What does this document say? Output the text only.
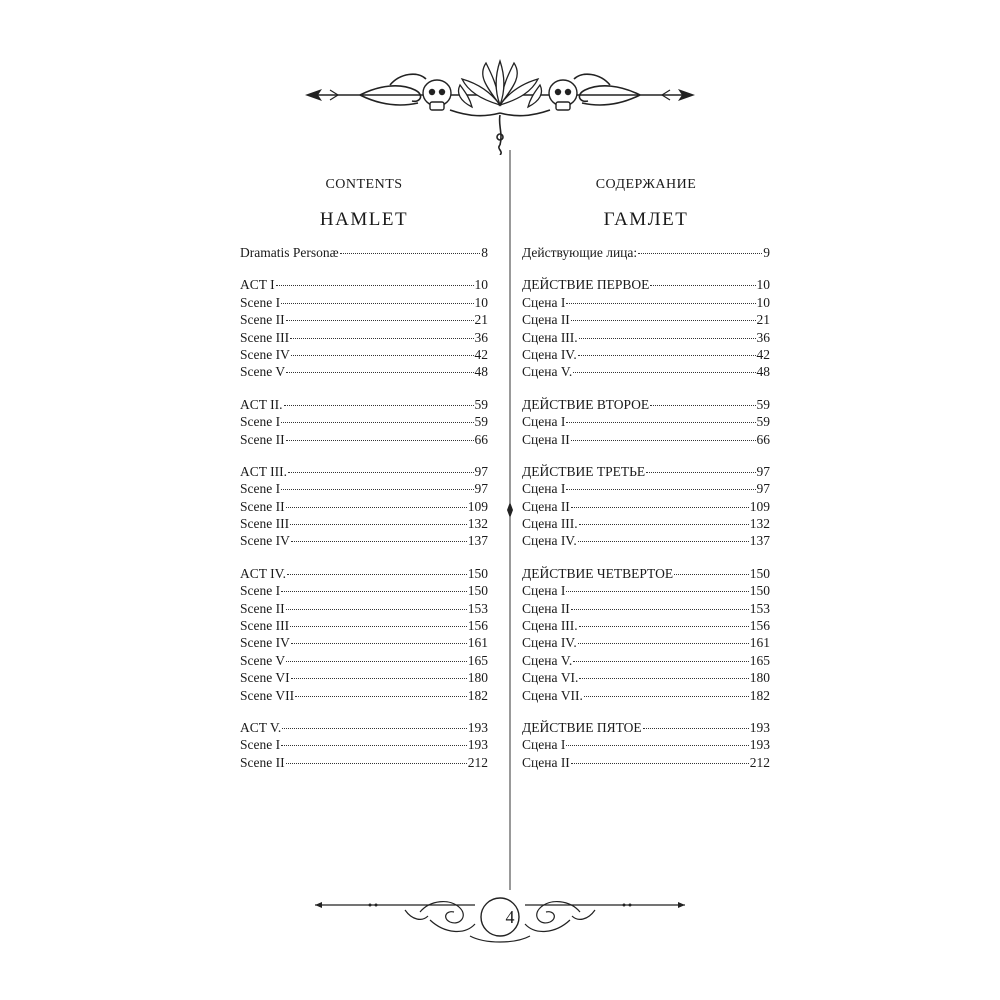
contents
hamlet
Dramatis Personæ	8
ACT I	10
Scene I	10
Scene II	21
Scene III	36
Scene IV	42
Scene V	48
ACT II.	59
Scene I	59
Scene II	66
ACT III.	97
Scene I	97
Scene II	109
Scene III	132
Scene IV	137
ACT IV.	150
Scene I	150
Scene II	153
Scene III	156
Scene IV	161
Scene V	165
Scene VI	180
Scene VII	182
ACT V.	193
Scene I	193
Scene II	212
содержание
гамлет
Действующие лица:	9
ДЕЙСТВИЕ ПЕРВОЕ	10
Сцена I	10
Сцена II	21
Сцена III.	36
Сцена IV.	42
Сцена V.	48
ДЕЙСТВИЕ ВТОРОЕ	59
Сцена I	59
Сцена II	66
ДЕЙСТВИЕ ТРЕТЬЕ	97
Сцена I	97
Сцена II	109
Сцена III.	132
Сцена IV.	137
ДЕЙСТВИЕ ЧЕТВЕРТОЕ	150
Сцена I	150
Сцена II	153
Сцена III.	156
Сцена IV.	161
Сцена V.	165
Сцена VI.	180
Сцена VII.	182
ДЕЙСТВИЕ ПЯТОЕ	193
Сцена I	193
Сцена II	212
4
